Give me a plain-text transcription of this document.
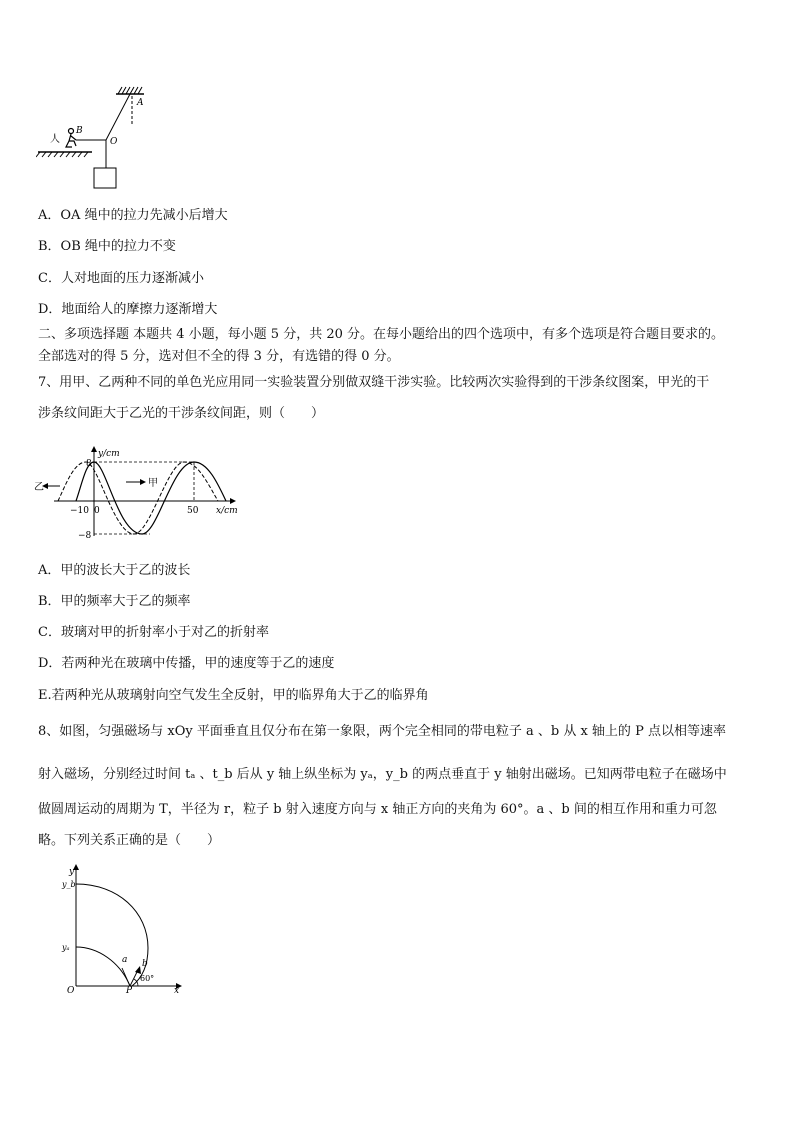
A
O
B
人
A．OA 绳中的拉力先减小后增大
B．OB 绳中的拉力不变
C．人对地面的压力逐渐减小
D．地面给人的摩擦力逐渐增大
二、多项选择题 本题共 4 小题，每小题 5 分，共 20 分。在每小题给出的四个选项中，有多个选项是符合题目要求的。
全部选对的得 5 分，选对但不全的得 3 分，有选错的得 0 分。
7、用甲、乙两种不同的单色光应用同一实验装置分别做双缝干涉实验。比较两次实验得到的干涉条纹图案，甲光的干
涉条纹间距大于乙光的干涉条纹间距，则（　　）
甲
乙
y/cm
8
−8
−10 0	50 x/cm
A．甲的波长大于乙的波长
B．甲的频率大于乙的频率
C．玻璃对甲的折射率小于对乙的折射率
D．若两种光在玻璃中传播，甲的速度等于乙的速度
E.若两种光从玻璃射向空气发生全反射，甲的临界角大于乙的临界角
8、如图，匀强磁场与 xOy 平面垂直且仅分布在第一象限，两个完全相同的带电粒子 a 、b 从 x 轴上的 P 点以相等速率
射入磁场，分别经过时间 tₐ 、t_b 后从 y 轴上纵坐标为 yₐ，y_b 的两点垂直于 y 轴射出磁场。已知两带电粒子在磁场中
做圆周运动的周期为 T，半径为 r，粒子 b 射入速度方向与 x 轴正方向的夹角为 60°。a 、b 间的相互作用和重力可忽
略。下列关系正确的是（　　）
y
y_b
yₐ
O	P	x
a b
60°
